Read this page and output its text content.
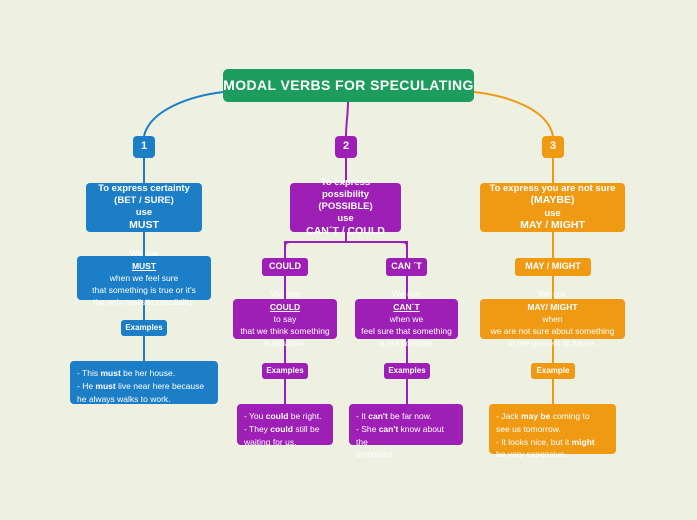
MODAL VERBS FOR SPECULATING
1
To express certainty
(BET / SURE)
use
MUST
We use
MUST
when we feel sure
that something is true or it's
the only realistic possibility.
Examples
- This must be her house.
- He must live near here because
he always walks to work.
2
To express possibility
(POSSIBLE)
use
CAN´T / COULD
COULD
We use
COULD
to say
that we think something
is possible.
Examples
- You could be right.
- They could still be
waiting for us.
CAN ´T
We use
CAN´T
when we
feel sure that something
is not possible.
Examples
- It can't be far now.
- She can't know about the
complaint.
3
To express you are not sure
(MAYBE)
use
MAY / MIGHT
MAY / MIGHT
We use
MAY/ MIGHT
when
we are not sure about something
in the present or future.
Example
- Jack may be coming to
see us tomorrow.
- It looks nice, but it might
be very expensive.
